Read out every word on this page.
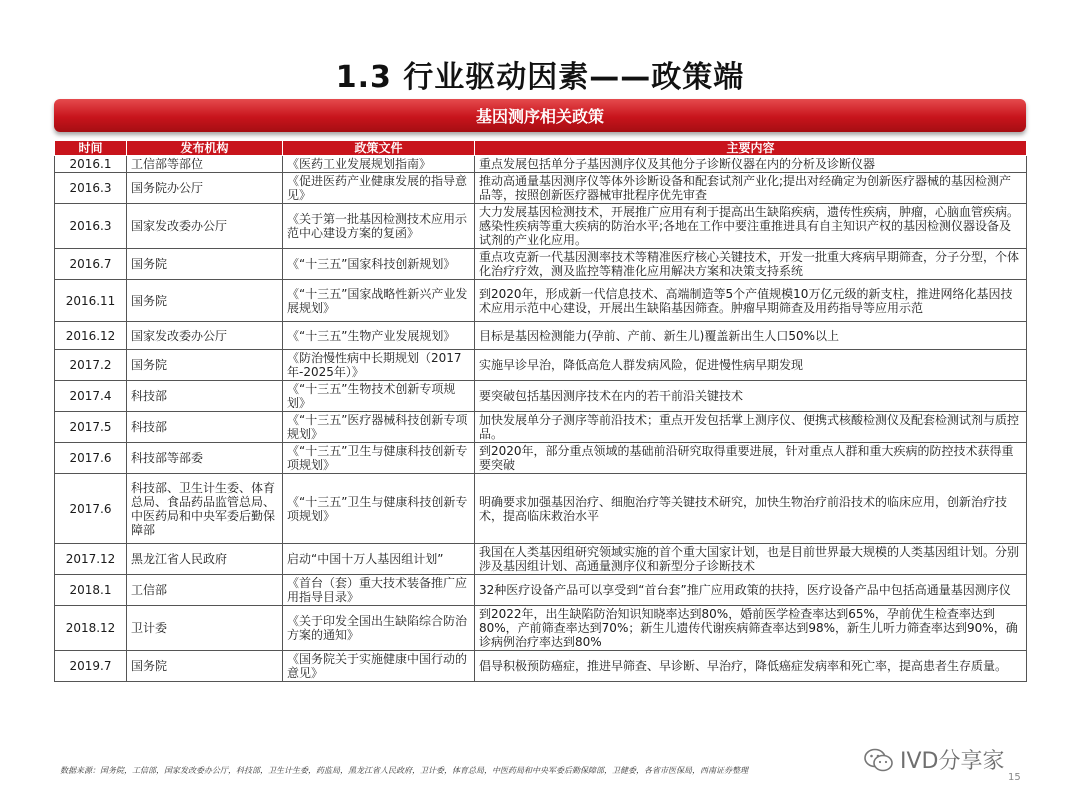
1.3 行业驱动因素——政策端
基因测序相关政策
时间	发布机构	政策文件	主要内容
2016.1	工信部等部位	《医药工业发展规划指南》	重点发展包括单分子基因测序仪及其他分子诊断仪器在内的分析及诊断仪器
2016.3	国务院办公厅	《促进医药产业健康发展的指导意见》	推动高通量基因测序仪等体外诊断设备和配套试剂产业化;提出对经确定为创新医疗器械的基因检测产品等，按照创新医疗器械审批程序优先审查
2016.3	国家发改委办公厅	《关于第一批基因检测技术应用示范中心建设方案的复函》	大力发展基因检测技术，开展推广应用有利于提高出生缺陷疾病，遗传性疾病，肿瘤，心脑血管疾病。感染性疾病等重大疾病的防治水平;各地在工作中要注重推进具有自主知识产权的基因检测仪器设备及试剂的产业化应用。
2016.7	国务院	《“十三五”国家科技创新规划》	重点攻克新一代基因测率技术等精准医疗核心关键技术，开发一批重大疼病早期筛查，分子分型，个体化治疗疗效，测及监控等精准化应用解决方案和决策支持系统
2016.11	国务院	《“十三五”国家战略性新兴产业发展规划》	到2020年，形成新一代信息技术、高端制造等5个产值规模10万亿元级的新支柱，推进网络化基因技术应用示范中心建设，开展出生缺陷基因筛查。肿瘤早期筛查及用药指导等应用示范
2016.12	国家发改委办公厅	《“十三五”生物产业发展规划》	目标是基因检测能力(孕前、产前、新生儿)覆盖新出生人口50%以上
2017.2	国务院	《防治慢性病中长期规划（2017年-2025年）》	实施早诊早治，降低高危人群发病风险，促进慢性病早期发现
2017.4	科技部	《“十三五”生物技术创新专项规划》	要突破包括基因测序技术在内的若干前沿关键技术
2017.5	科技部	《“十三五”医疗器械科技创新专项规划》	加快发展单分子测序等前沿技术；重点开发包括掌上测序仪、便携式核酸检测仪及配套检测试剂与质控品。
2017.6	科技部等部委	《“十三五”卫生与健康科技创新专项规划》	到2020年，部分重点领域的基础前沿研究取得重要进展，针对重点人群和重大疾病的防控技术获得重要突破
2017.6	科技部、卫生计生委、体育总局、食品药品监管总局、中医药局和中央军委后勤保障部	《“十三五”卫生与健康科技创新专项规划》	明确要求加强基因治疗、细胞治疗等关键技术研究，加快生物治疗前沿技术的临床应用，创新治疗技术，提高临床救治水平
2017.12	黑龙江省人民政府	启动“中国十万人基因组计划”	我国在人类基因组研究领域实施的首个重大国家计划，也是目前世界最大规模的人类基因组计划。分别涉及基因组计划、高通量测序仪和新型分子诊断技术
2018.1	工信部	《首台（套）重大技术装备推广应用指导目录》	32种医疗设备产品可以享受到“首台套”推广应用政策的扶持，医疗设备产品中包括高通量基因测序仪
2018.12	卫计委	《关于印发全国出生缺陷综合防治方案的通知》	到2022年，出生缺陷防治知识知晓率达到80%，婚前医学检查率达到65%，孕前优生检查率达到80%，产前筛查率达到70%；新生儿遗传代谢疾病筛查率达到98%，新生儿听力筛查率达到90%，确诊病例治疗率达到80%
2019.7	国务院	《国务院关于实施健康中国行动的意见》	倡导积极预防癌症，推进早筛查、早诊断、早治疗，降低癌症发病率和死亡率，提高患者生存质量。
数据来源：国务院，工信部，国家发改委办公厅，科技部，卫生计生委，药监局，黑龙江省人民政府，卫计委，体育总局，中医药局和中央军委后勤保障部，卫健委，各省市医保局，西南证券整理	IVD分享家
15
